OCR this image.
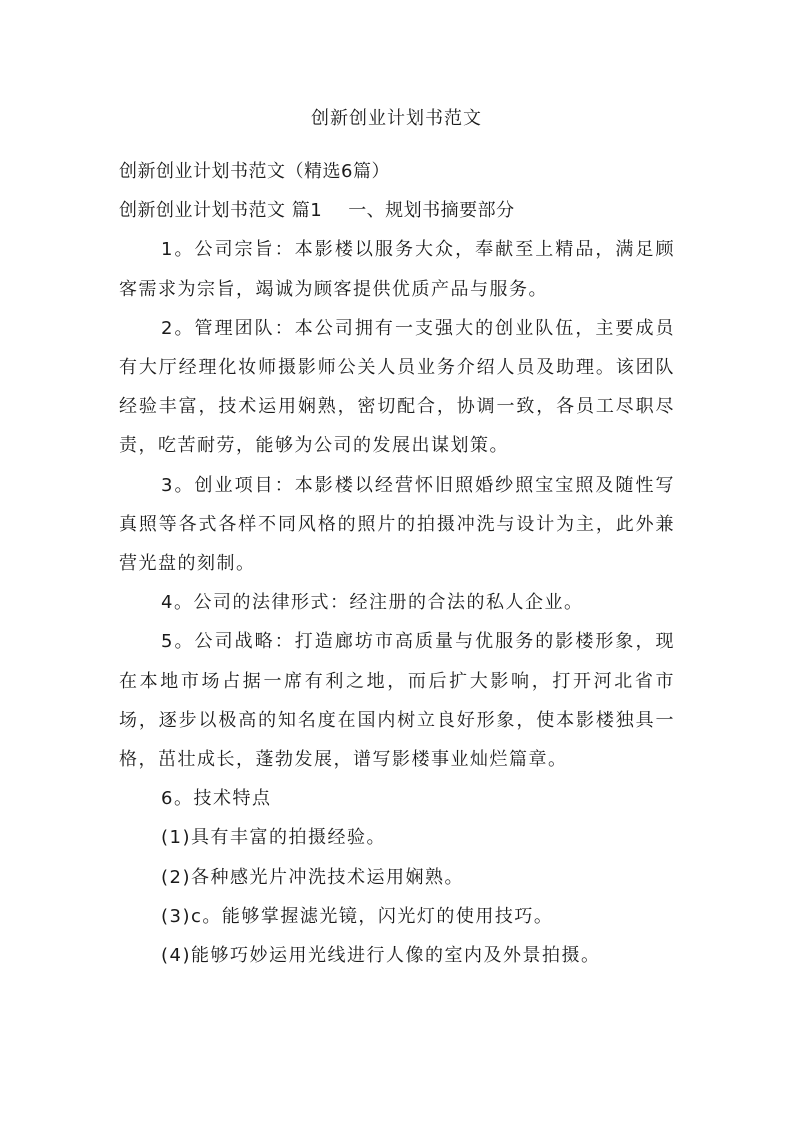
创新创业计划书范文

创新创业计划书范文（精选6篇）

创新创业计划书范文 篇1 一、规划书摘要部分

1。公司宗旨：本影楼以服务大众，奉献至上精品，满足顾客需求为宗旨，竭诚为顾客提供优质产品与服务。

2。管理团队：本公司拥有一支强大的创业队伍，主要成员有大厅经理化妆师摄影师公关人员业务介绍人员及助理。该团队经验丰富，技术运用娴熟，密切配合，协调一致，各员工尽职尽责，吃苦耐劳，能够为公司的发展出谋划策。

3。创业项目：本影楼以经营怀旧照婚纱照宝宝照及随性写真照等各式各样不同风格的照片的拍摄冲洗与设计为主，此外兼营光盘的刻制。

4。公司的法律形式：经注册的合法的私人企业。

5。公司战略：打造廊坊市高质量与优服务的影楼形象，现在本地市场占据一席有利之地，而后扩大影响，打开河北省市场，逐步以极高的知名度在国内树立良好形象，使本影楼独具一格，茁壮成长，蓬勃发展，谱写影楼事业灿烂篇章。

6。技术特点

(1)具有丰富的拍摄经验。

(2)各种感光片冲洗技术运用娴熟。

(3)c。能够掌握滤光镜，闪光灯的使用技巧。

(4)能够巧妙运用光线进行人像的室内及外景拍摄。
